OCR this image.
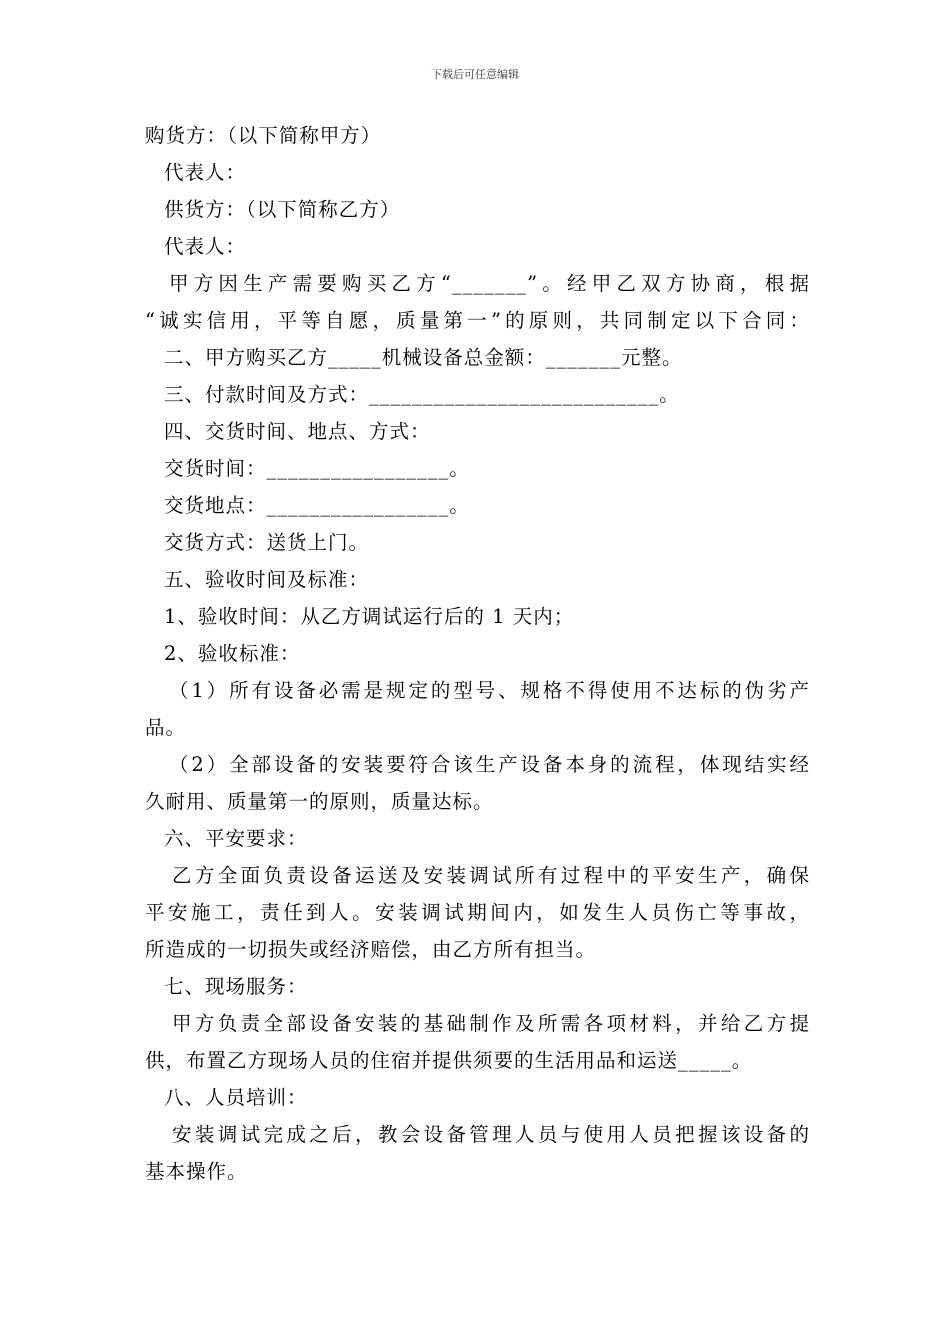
下载后可任意编辑
购货方：（以下简称甲方）
代表人：
供货方：（以下简称乙方）
代表人：
甲方因生产需要购买乙方“_______”。经甲乙双方协商，根据
“诚实信用，平等自愿，质量第一”的原则，共同制定以下合同：
二、甲方购买乙方_____机械设备总金额：_______元整。
三、付款时间及方式：___________________________。
四、交货时间、地点、方式：
交货时间：_________________。
交货地点：_________________。
交货方式：送货上门。
五、验收时间及标准：
1、验收时间：从乙方调试运行后的 1 天内；
2、验收标准：
（1）所有设备必需是规定的型号、规格不得使用不达标的伪劣产
品。
（2）全部设备的安装要符合该生产设备本身的流程，体现结实经
久耐用、质量第一的原则，质量达标。
六、平安要求：
乙方全面负责设备运送及安装调试所有过程中的平安生产，确保
平安施工，责任到人。安装调试期间内，如发生人员伤亡等事故，
所造成的一切损失或经济赔偿，由乙方所有担当。
七、现场服务：
甲方负责全部设备安装的基础制作及所需各项材料，并给乙方提
供，布置乙方现场人员的住宿并提供须要的生活用品和运送_____。
八、人员培训：
安装调试完成之后，教会设备管理人员与使用人员把握该设备的
基本操作。
